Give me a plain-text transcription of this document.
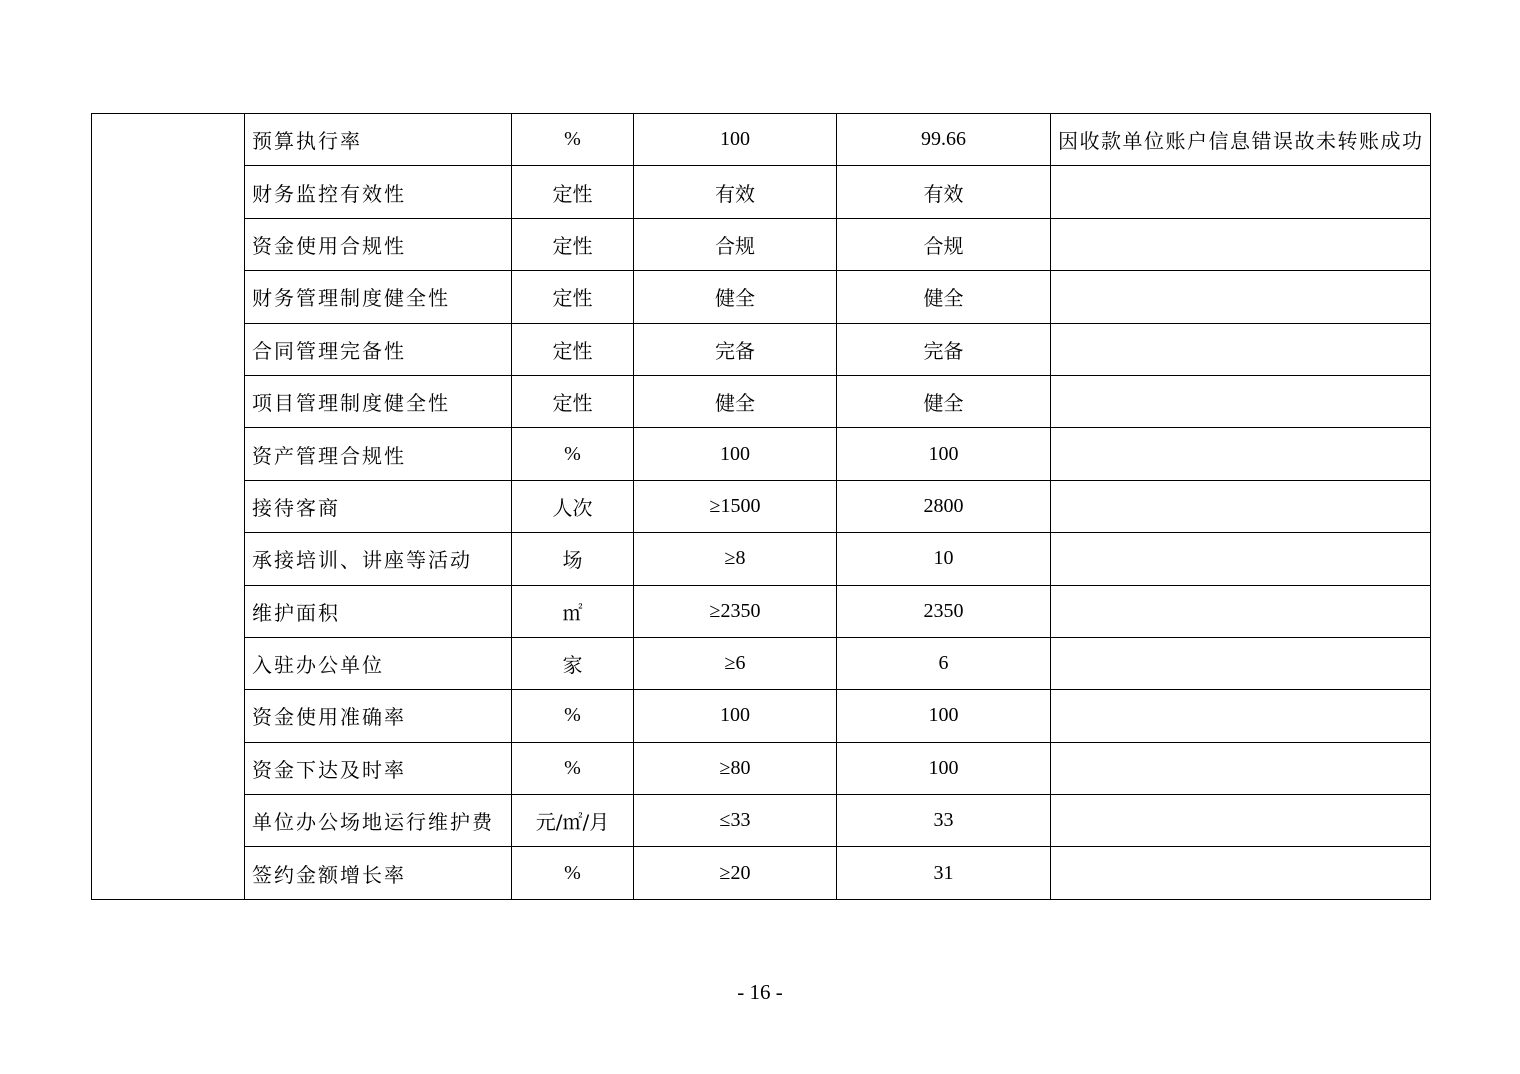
	预算执行率	%	100	99.66	因收款单位账户信息错误故未转账成功
	财务监控有效性	定性	有效	有效	
	资金使用合规性	定性	合规	合规	
	财务管理制度健全性	定性	健全	健全	
	合同管理完备性	定性	完备	完备	
	项目管理制度健全性	定性	健全	健全	
	资产管理合规性	%	100	100	
	接待客商	人次	≥1500	2800	
	承接培训、讲座等活动	场	≥8	10	
	维护面积	㎡	≥2350	2350	
	入驻办公单位	家	≥6	6	
	资金使用准确率	%	100	100	
	资金下达及时率	%	≥80	100	
	单位办公场地运行维护费	元/㎡/月	≤33	33	
	签约金额增长率	%	≥20	31	
- 16 -
